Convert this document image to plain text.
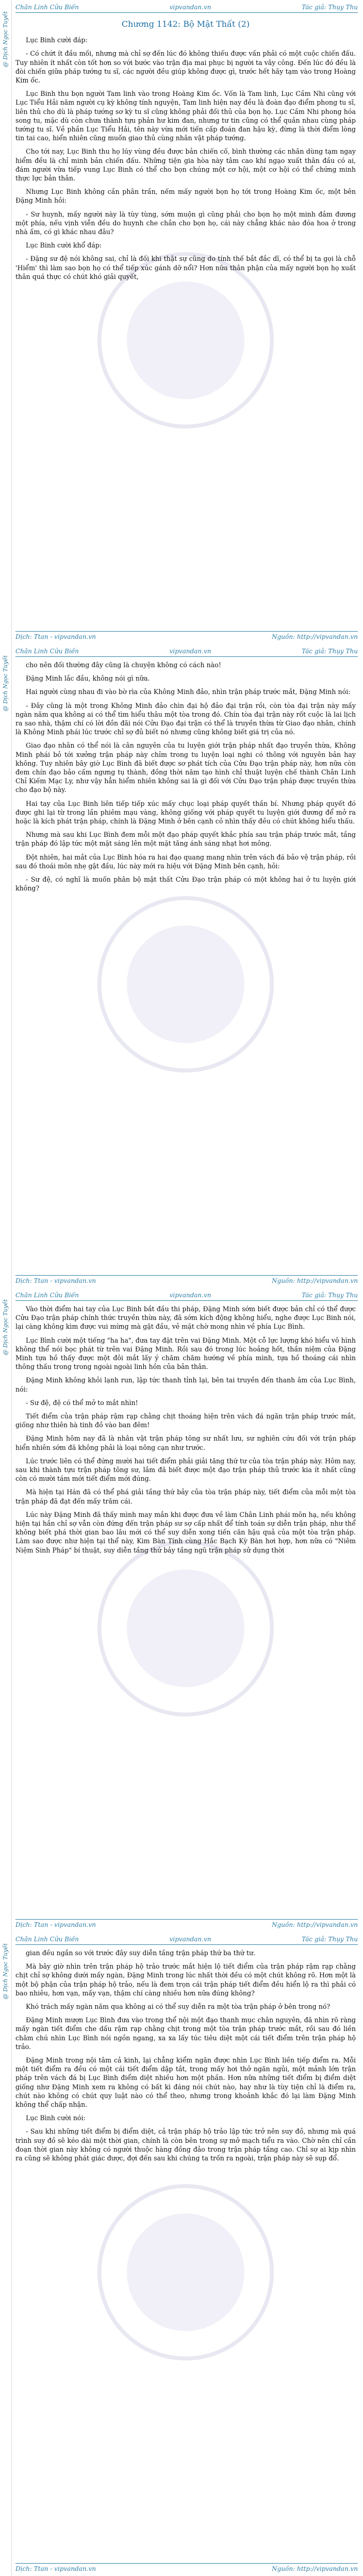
@ Dịch Ngọc Tuyết
Chân Linh Cửu Biến	vipvandan.vn	Tác giả: Thụy Thu
Chương 1142: Bộ Mật Thất (2)

Lục Binh cười đáp:

- Có chứt ít đầu mối, nhưng mà chỉ sợ đến lúc đó không thiếu được vấn phải có một cuộc chiến đấu. Tuy nhiên ít nhất còn tốt hơn so với bước vào trận địa mai phục bị người ta vây công. Đến lúc đó đều là đòi chiến giữa pháp tướng tu sĩ, các người đều giúp không được gì, trước hết hãy tạm vào trong Hoàng Kim ốc.

Lục Binh thu bọn người Tam linh vào trong Hoàng Kim ốc. Vốn là Tam linh, Lục Cầm Nhi cũng với Lục Tiểu Hải năm người cụ kỳ không tính nguyện, Tam linh hiện nay đều là đoàn đạo điểm phong tu sĩ, liên thủ cho dù là pháp tướng sơ kỳ tu sĩ cũng không phải đối thủ của bọn họ. Lục Cầm Nhi phong hóa song tu, mặc dù còn chưa thành tựu phản hư kim đan, nhưng tư tin cũng có thể quản nhau cùng pháp tướng tu sĩ. Về phần Lục Tiểu Hải, tên này vừa mới tiến cấp đoán đan hậu kỳ, đừng là thời điểm lòng tin tai cao, hiển nhiên cũng muốn giao thủ cùng nhân vật pháp tướng.

Cho tới nay, Lục Binh thu họ lúy vùng đều được bản chiến cố, bình thường các nhân dùng tạm ngay hiểm đều là chỉ minh bản chiến đấu. Những tiện gia hòa này tâm cao khí ngạo xuất thân đầu có ai, đám người vừa tiếp vung Lục Binh có thể cho bọn chúng một cơ hội, một cơ hội có thể chứng minh thực lực bản thân.

Nhưng Lục Binh không cần phân trần, nếm mấy người bọn họ tới trong Hoàng Kim ốc, một bên Đặng Minh hỏi:

- Sư huynh, mấy người này là tùy tùng, sớm muộn gì cũng phải cho bọn họ một minh đảm đương một phía, nếu vịnh viễn đều do huynh che chắn cho bọn họ, cái này chẳng khác nào đóa hoa ở trong nhà ấm, có gì khác nhau đâu?

Lục Binh cười khổ đáp:

- Đặng sư đệ nói không sai, chỉ là đối khi thật sự cũng do tính thế bắt đắc dĩ, có thể bị ta gọi là chỗ 'Hiểm' thì làm sao bọn họ có thể tiếp xúc gánh dỡ nổi? Hơn nữa thân phận của mấy người bọn họ xuất thân quá thực có chút khó giải quyết,

Dịch: Ttan - vipvandan.vn	Nguồn: http://vipvandan.vn
@ Dịch Ngọc Tuyết
Chân Linh Cửu Biến	vipvandan.vn	Tác giả: Thụy Thu

cho nên đối thường đây cũng là chuyện không có cách nào!

Đặng Minh lắc đầu, không nói gì nữa.

Hai người cùng nhau đi vào bờ rìa của Không Minh đảo, nhìn trận pháp trước mắt, Đặng Minh nói:

- Đây cũng là một trong Không Minh đảo chìn đại hộ đảo đại trận rồi, còn tòa đại trận này mấy ngàn năm qua không ai có thể tìm hiểu thâu một tòa trong đó. Chín tòa đại trận này rốt cuộc là lai lịch ra sao nhà, thậm chí có lời đồn đãi nói Cửu Đạo đại trận có thể là truyền thừa từ Giao đạo nhân, chính là Không Minh phái lúc trước chỉ sợ đủ biết nó nhưng cũng không biết giá trị của nó.

Giao đạo nhân có thể nói là cân nguyên của tu luyện giới trận pháp nhất đạo truyền thừa, Không Minh phái bỏ tới xưởng trận pháp này chỉm trong tu luyện loại nghi có thông với nguyên bản hay không. Tuy nhiên bây giờ Lục Bình đã biết được sơ phát tích của Cửu Đạo trận pháp này, hơn nữa còn đem chín đạo bảo cấm ngưng tụ thành, đồng thời năm tạo hình chỉ thuật luyện chế thành Chân Linh Chỉ Kiếm Mạc Ly, như vậy hẳn hiểm nhiên không sai là gì đối với Cửu Đạo trận pháp được truyền thừa cho đạo bộ này.

Hai tay của Lục Binh liên tiếp tiếp xúc mấy chục loại pháp quyết thần bí. Nhưng pháp quyết đó được ghi lại từ trong lần phiêm mạu vàng, không giống với pháp quyết tu luyện giới đương để mở ra hoặc là kích phát trận pháp, chính là Đặng Minh ở bên cạnh cỏ nhìn thấy đều có chút không hiểu thấu.

Nhưng mà sau khi Lục Bình đem mỗi một đạo pháp quyết khắc phía sau trận pháp trước mắt, tầng trận pháp đó lập tức một mặt sáng lên một mặt tăng ánh sáng nhạt hơi mông.

Đột nhiên, hai mắt của Lục Bình hóa ra hai đạo quang mang nhìn trên vách đá bảo vệ trận pháp, rồi sau đó thoái môn nhẹ gật đầu, lúc này mới ra hiệu với Đặng Minh bên cạnh, hỏi:

- Sư đệ, có nghĩ là muốn phân bộ mật thất Cửu Đạo trận pháp có một không hai ở tu luyện giới không?

Dịch: Ttan - vipvandan.vn	Nguồn: http://vipvandan.vn
@ Dịch Ngọc Tuyết
Chân Linh Cửu Biến	vipvandan.vn	Tác giả: Thụy Thu

Vào thời điểm hai tay của Lục Binh bắt đầu thi pháp, Đặng Minh sớm biết được bản chỉ có thể được Cửu Đạo trận pháp chính thức truyền thừa này, đã sớm kích động không hiểu, nghe được Lục Binh nói, lại càng không kìm được vui mừng mà gật đầu, vẻ mặt chờ mong nhìn về phía Lục Bình.

Lục Bình cười một tiếng "ha ha", đưa tay đặt trên vai Đặng Minh. Một cỗ lực lượng khó hiểu vô hình không thể nói bọc phát từ trên vai Đặng Minh. Rồi sau đó trong lúc hoảng hốt, thần niệm của Đặng Minh tựa hồ thấy được một đôi mắt lấy ý chăm chăm hướng về phía mình, tựa hồ thoáng cái nhìn thông thấu trong trong ngoài ngoài linh hồn của bản thân.

Đặng Minh không khỏi lạnh run, lập tức thanh tỉnh lại, bên tai truyền đến thanh âm của Lục Bình, nói:

- Sư đệ, đệ có thể mở to mắt nhìn!

Tiết điểm của trận pháp rậm rạp chằng chịt thoáng hiện trên vách đá ngăn trận pháp trước mắt, giống như thiên hà tinh đồ vào ban đêm!

Đặng Minh hôm nay đã là nhân vật trận pháp tông sư nhất lưu, sư nghiên cứu đối với trận pháp hiển nhiên sớm đã không phải là loại nông cạn như trước.

Lúc trước liên có thể đứng mười hai tiết điểm phải giải tăng thứ tư của tòa trận pháp này. Hôm nay, sau khi thành tựu trận pháp tông sư, lắm đã biết được một đạo trận pháp thủ trước kia ít nhất cũng còn có mười tám mới tiết điểm mới đúng.

Mà hiện tại Hán đã có thể phá giải tầng thứ bảy của tòa trận pháp này, tiết điểm của mỗi một tòa trận pháp đã đạt đến mấy trăm cái.

Lúc này Đặng Minh đã thấy mình may mắn khi được đưa về làm Chân Linh phái môn hạ, nếu không hiện tại hắn chỉ sợ vẫn còn đứng đến trận pháp sư sợ cấp nhất để tính toán sự diễn trận pháp, như thể không biết phá thời gian bao lâu mới có thể suy diễn xong tiến căn hậu quả của một tòa trận pháp. Làm sao được như hiện tại thể này, Kim Bàn Tính cùng Hắc Bạch Kỳ Bàn hơi hợp, hơn nữa có "Niêm Niệm Sinh Pháp" bí thuật, suy diễn tầng thứ bảy tầng ngũ trận pháp sử dụng thời

Dịch: Ttan - vipvandan.vn	Nguồn: http://vipvandan.vn
@ Dịch Ngọc Tuyết
Chân Linh Cửu Biến	vipvandan.vn	Tác giả: Thụy Thu

gian đều ngắn so với trước đây suy diễn tầng trận pháp thứ ba thứ tư.

Mà bây giờ nhìn trên trận pháp hộ trảo trước mắt hiện lộ tiết điểm của trận pháp rậm rạp chằng chịt chỉ sợ không dưới mấy ngàn, Đặng Minh trong lúc nhất thời đều có một chút không rõ. Hơn một là một bộ phận của trận pháp hộ trảo, nếu là đem trọn cái trận pháp tiết điểm đều hiển lộ ra thì phải có bao nhiêu, hơn vạn, mấy vạn, thậm chí càng nhiều hơn nữa đúng không?

Khó trách mấy ngàn năm qua không ai có thể suy diễn ra một tòa trận pháp ở bên trong nó?

Đặng Minh mượn Lục Bình đưa vào trong thể nội một đạo thanh mục chân nguyên, đã nhìn rõ ràng mấy ngàn tiết điểm che dấu rậm rạp chằng chịt trong một tòa trận pháp trước mắt, rồi sau đó liền chăm chú nhìn Lục Bình nói ngồn ngang, xa xa lấy túc tiêu diệt một cái tiết điểm trên trận pháp hộ trảo.

Đặng Minh trong nội tâm cả kinh, lại chẳng kiểm ngăn được nhìn Lục Bình liền tiếp điểm ra. Mỗi một tiết điểm ra đều có một cái tiết điểm dập tắt, trong mấy hơi thở ngăn ngủi, một mảnh lớn trận pháp trên vách đá bị Lục Bình điểm diệt nhiều hơn một phần. Hơn nữa những tiết điểm bị điểm diệt giống như Đặng Minh xem ra không có bất kì đáng nói chút nào, hay như là tùy tiện chỉ là điểm ra, chút nào không có chút quy luật nào có thể theo, nhưng trong khoảnh khắc đó lại làm Đặng Minh không thể chấp nhận.

Lục Bình cười nói:

- Sau khi những tiết điểm bị điểm diệt, cả trận pháp hộ trảo lập tức trở nên suy đồ, nhưng mà quá trình suy đồ sẽ kéo dài một thời gian, chính là còn bên trong sự mở mạch tiểu ra vào. Chờ nên chỉ cần đoạn thời gian này không có người thuộc hàng đồng đảo trong trận pháp tầng cao. Chỉ sợ ai kịp nhìn ra cũng sẽ không phát giác được, đợi đến sau khi chúng ta trốn ra ngoài, trận pháp này sẽ sụp đổ.

Dịch: Ttan - vipvandan.vn	Nguồn: http://vipvandan.vn
